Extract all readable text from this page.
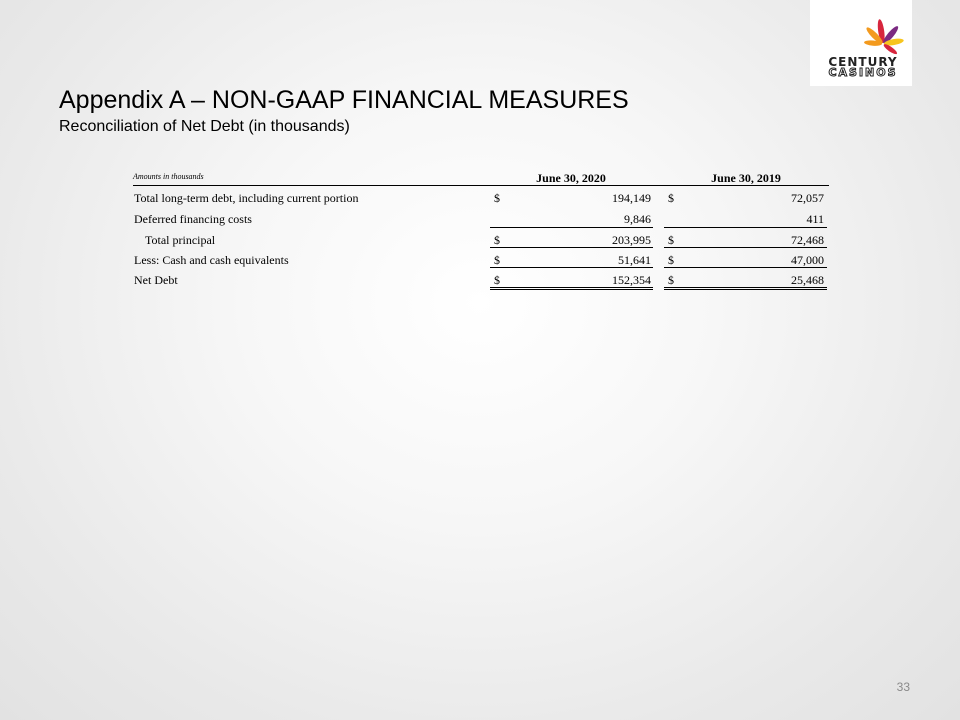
CENTURY
CASINOS
Appendix A – NON-GAAP FINANCIAL MEASURES
Reconciliation of Net Debt (in thousands)
Amounts in thousands	June 30, 2020	June 30, 2019
Total long-term debt, including current portion	$	194,149 $	72,057
Deferred financing costs	9,846	411
Total principal	$	203,995 $	72,468
Less: Cash and cash equivalents	$	51,641 $	47,000
Net Debt	$	152,354 $	25,468
33
